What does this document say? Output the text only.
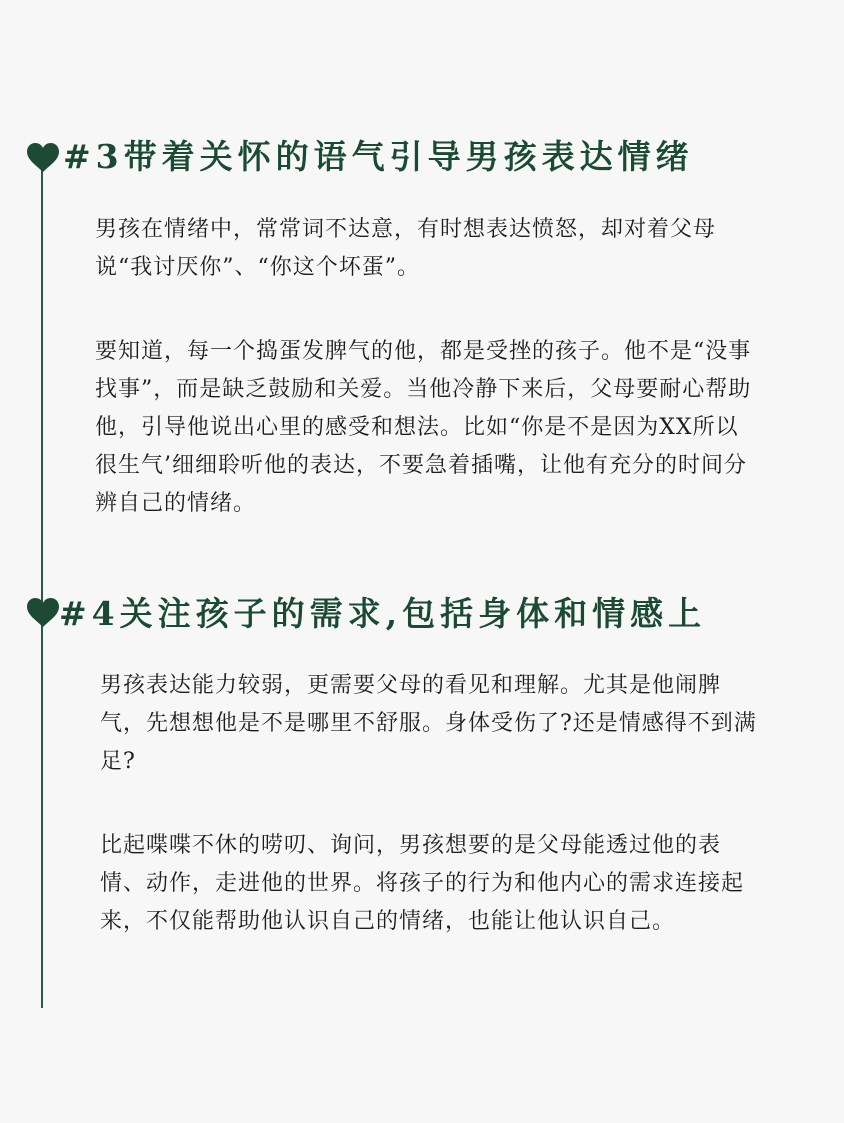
#3带着关怀的语气引导男孩表达情绪

男孩在情绪中，常常词不达意，有时想表达愤怒，却对着父母说“我讨厌你”、“你这个坏蛋”。

要知道，每一个捣蛋发脾气的他，都是受挫的孩子。他不是“没事找事”，而是缺乏鼓励和关爱。当他冷静下来后，父母要耐心帮助他，引导他说出心里的感受和想法。比如“你是不是因为XX所以很生气’细细聆听他的表达，不要急着插嘴，让他有充分的时间分辨自己的情绪。

#4关注孩子的需求,包括身体和情感上

男孩表达能力较弱，更需要父母的看见和理解。尤其是他闹脾气，先想想他是不是哪里不舒服。身体受伤了?还是情感得不到满足?

比起喋喋不休的唠叨、询问，男孩想要的是父母能透过他的表情、动作，走进他的世界。将孩子的行为和他内心的需求连接起来，不仅能帮助他认识自己的情绪，也能让他认识自己。
